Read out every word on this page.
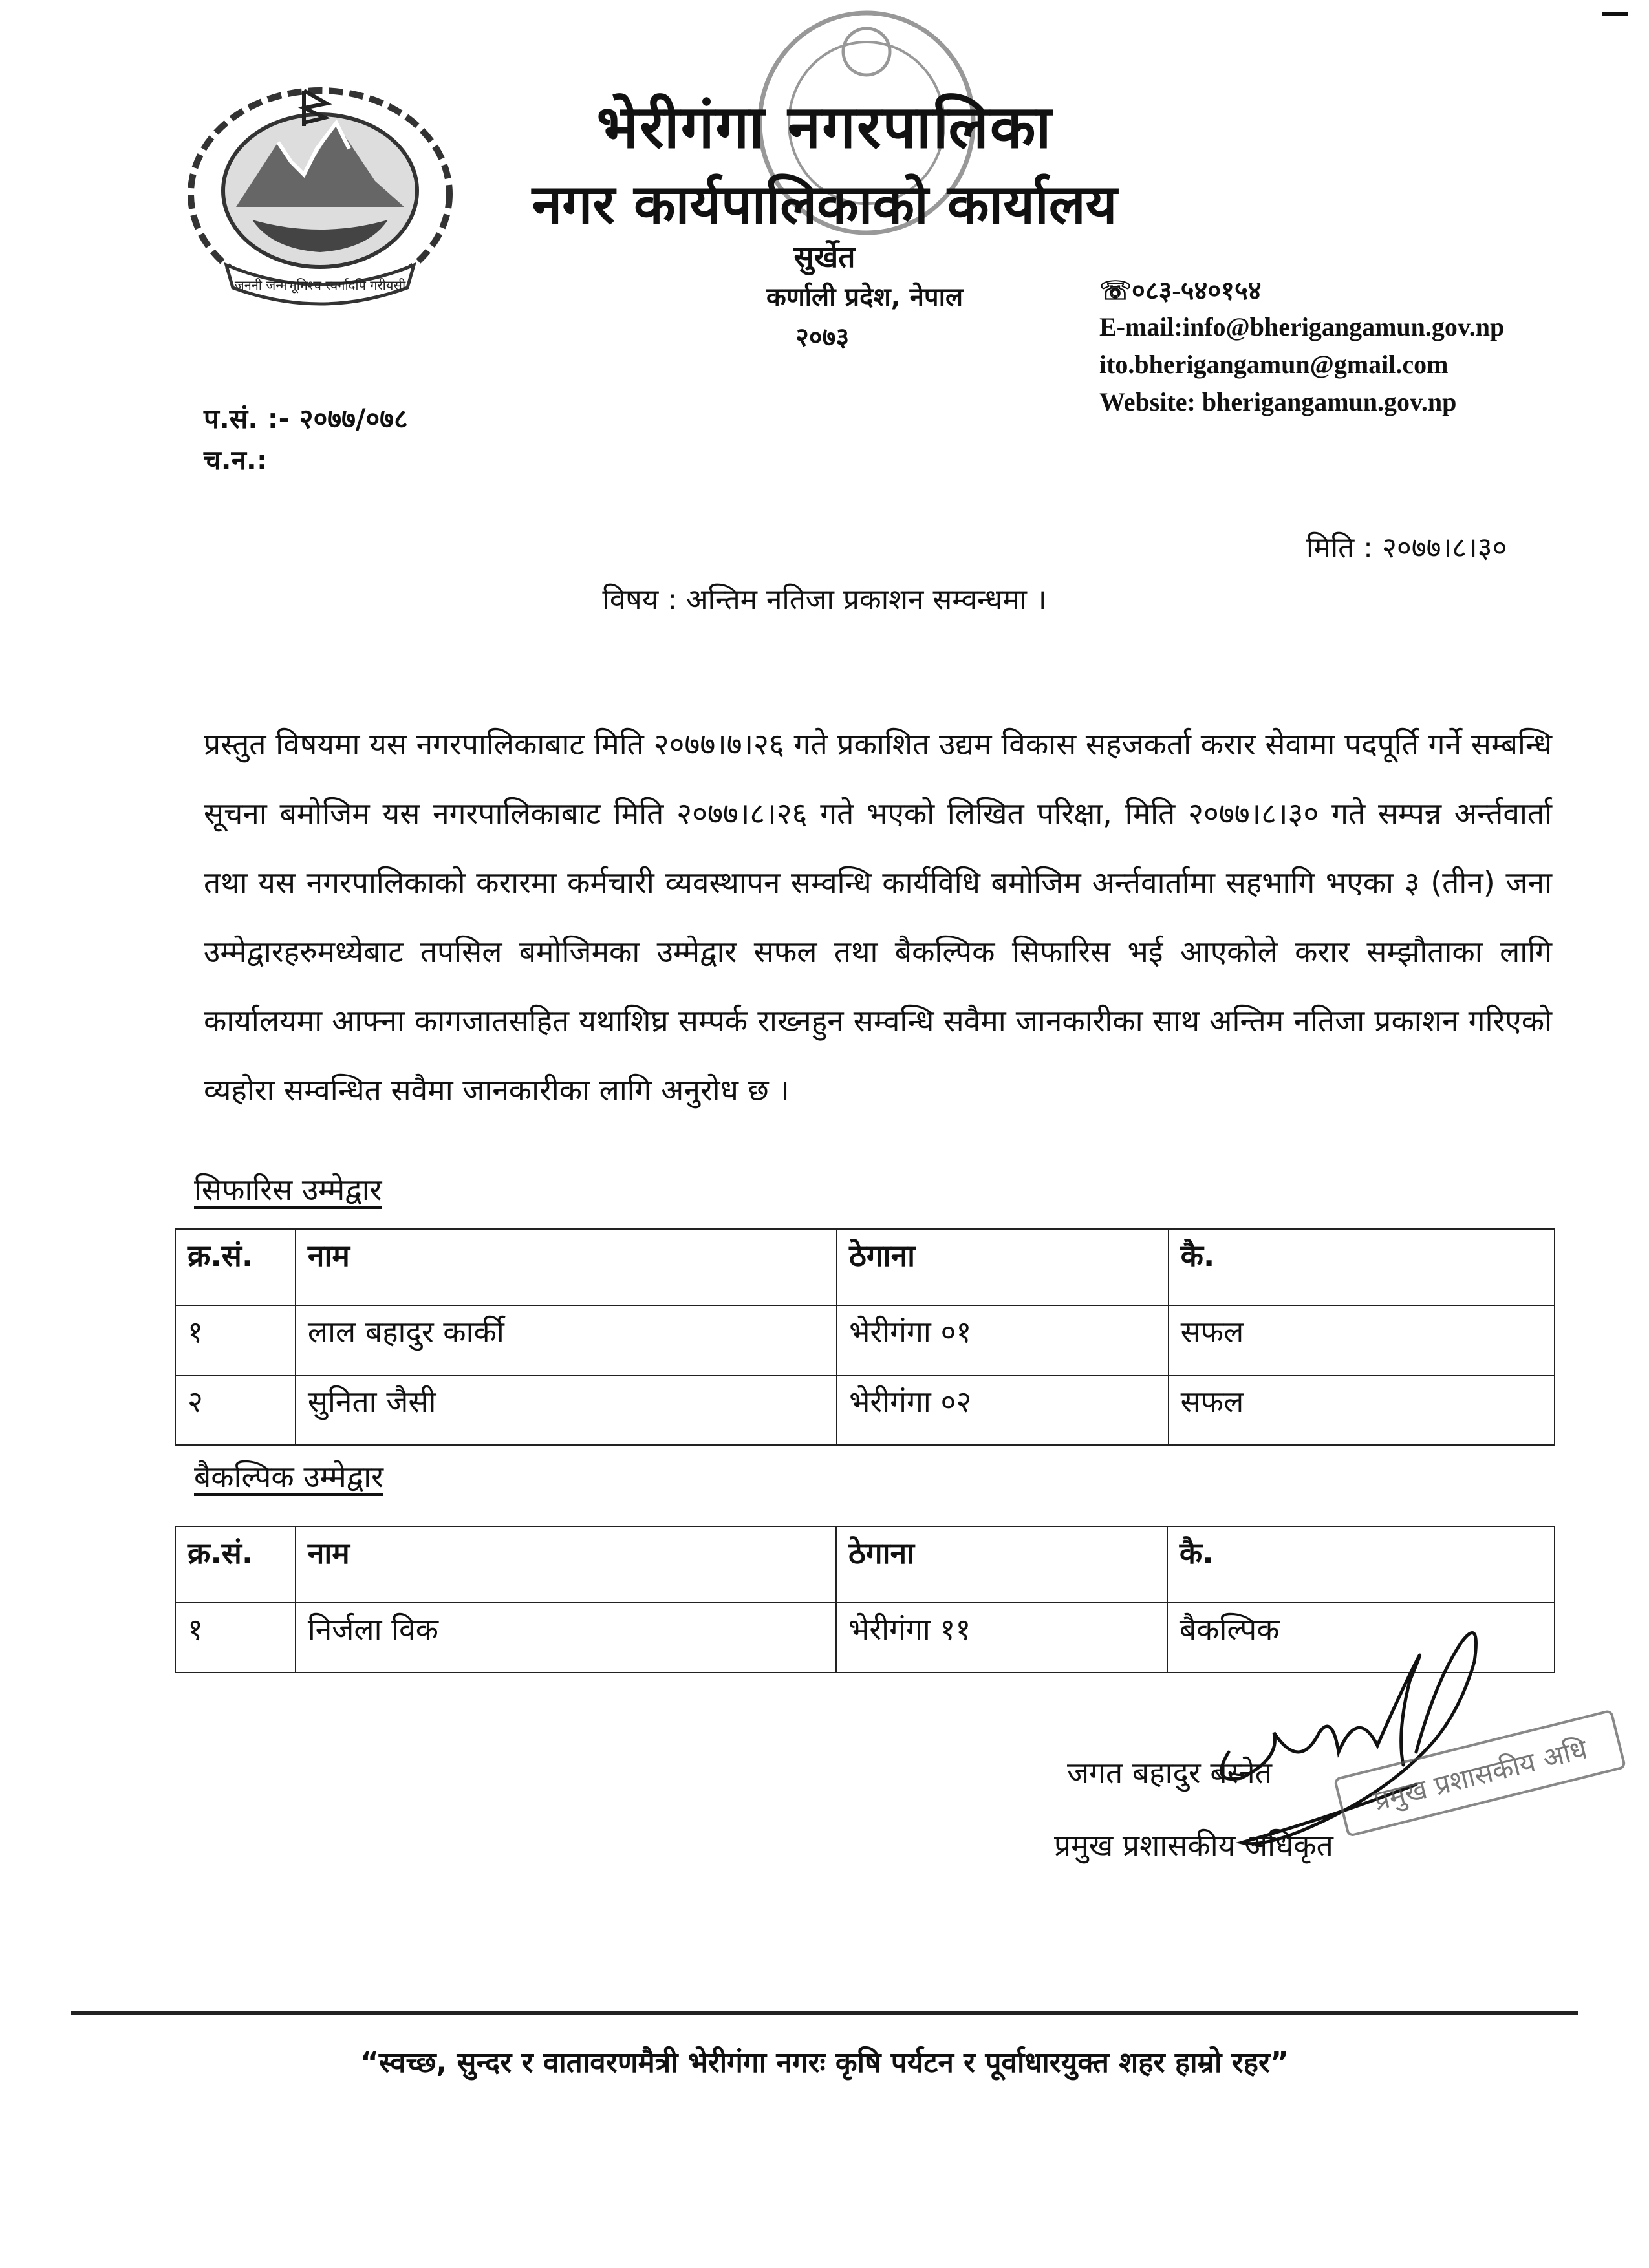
जननी जन्मभूमिश्च स्वर्गादपि गरीयसी
भेरीगंगा नगरपालिका
नगर कार्यपालिकाको कार्यालय
सुर्खेत
कर्णाली प्रदेश, नेपाल
२०७३
☏०८३-५४०१५४
E-mail:info@bherigangamun.gov.np
ito.bherigangamun@gmail.com
Website: bherigangamun.gov.np
प.सं. :- २०७७/०७८
च.न.:
मिति : २०७७।८।३०
विषय : अन्तिम नतिजा प्रकाशन सम्वन्धमा ।
प्रस्तुत विषयमा यस नगरपालिकाबाट मिति २०७७।७।२६ गते प्रकाशित उद्यम विकास सहजकर्ता करार सेवामा पदपूर्ति गर्ने सम्बन्धि सूचना बमोजिम यस नगरपालिकाबाट मिति २०७७।८।२६ गते भएको लिखित परिक्षा, मिति २०७७।८।३० गते सम्पन्न अर्न्तवार्ता तथा यस नगरपालिकाको करारमा कर्मचारी व्यवस्थापन सम्वन्धि कार्यविधि बमोजिम अर्न्तवार्तामा सहभागि भएका ३ (तीन) जना उम्मेद्वारहरुमध्येबाट तपसिल बमोजिमका उम्मेद्वार सफल तथा बैकल्पिक सिफारिस भई आएकोले करार सम्झौताका लागि कार्यालयमा आफ्ना कागजातसहित यथाशिघ्र सम्पर्क राख्नहुन सम्वन्धि सवैमा जानकारीका साथ अन्तिम नतिजा प्रकाशन गरिएको व्यहोरा सम्वन्धित सवैमा जानकारीका लागि अनुरोध छ ।
सिफारिस उम्मेद्वार
क्र.सं.	नाम	ठेगाना	कै.
१	लाल बहादुर कार्की	भेरीगंगा ०१	सफल
२	सुनिता जैसी	भेरीगंगा ०२	सफल
बैकल्पिक उम्मेद्वार
क्र.सं.	नाम	ठेगाना	कै.
१	निर्जला विक	भेरीगंगा ११	बैकल्पिक
प्रमुख प्रशासकीय अधि
जगत बहादुर बस्नेत
प्रमुख प्रशासकीय अधिकृत
“स्वच्छ, सुन्दर र वातावरणमैत्री भेरीगंगा नगरः कृषि पर्यटन र पूर्वाधारयुक्त शहर हाम्रो रहर”
